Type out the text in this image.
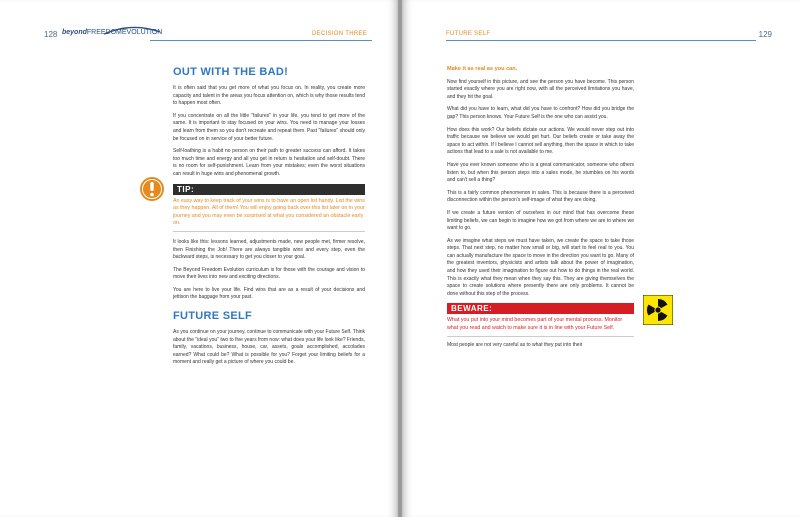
128 beyondFREEDOMEVOLUTION	DECISION THREE
OUT WITH THE BAD!

It is often said that you get more of what you focus on. In reality, you create more capacity and talent in the areas you focus attention on, which is why those results tend to happen most often.

If you concentrate on all the little "failures" in your life, you tend to get more of the same. It is important to stay focused on your wins. You need to manage your losses and learn from them so you don't recreate and repeat them. Past "failures" should only be focused on in service of your better future.

Self-loathing is a habit no person on their path to greater success can afford. It takes too much time and energy and all you get in return is hesitation and self-doubt. There is no room for self-punishment. Learn from your mistakes; even the worst situations can result in huge wins and phenomenal growth.

TIP:
An easy way to keep track of your wins is to have an open list handy. List the wins as they happen. All of them! You will enjoy going back over this list later on in your journey and you may even be surprised at what you considered an obstacle early on.

It looks like this: lessons learned, adjustments made, new people met, firmer resolve, then Finishing the Job! There are always tangible wins and every step, even the backward steps, is necessary to get you closer to your goal.

The Beyond Freedom Evolution curriculum is for those with the courage and vision to move their lives into new and exciting directions.

You are here to live your life. Find wins that are as a result of your decisions and jettison the baggage from your past.

FUTURE SELF

As you continue on your journey, continue to communicate with your Future Self. Think about the "ideal you" two to five years from now: what does your life look like? Friends, family, vacations, business, house, car, assets, goals accomplished, accolades earned? What could be? What is possible for you? Forget your limiting beliefs for a moment and really get a picture of where you could be.

FUTURE SELF	129

Make it as real as you can.

Now find yourself in this picture, and see the person you have become. This person started exactly where you are right now, with all the perceived limitations you have, and they hit the goal.

What did you have to learn, what did you have to confront? How did you bridge the gap? This person knows. Your Future Self is the one who can assist you.

How does this work? Our beliefs dictate our actions. We would never step out into traffic because we believe we would get hurt. Our beliefs create or take away the space to act within. If I believe I cannot sell anything, then the space in which to take actions that lead to a sale is not available to me.

Have you ever known someone who is a great communicator, someone who others listen to, but when this person steps into a sales mode, he stumbles on his words and can't sell a thing?

This is a fairly common phenomenon in sales. This is because there is a perceived disconnection within the person's self-image of what they are doing.

If we create a future version of ourselves in our mind that has overcome these limiting beliefs, we can begin to imagine how we got from where we are to where we want to go.

As we imagine what steps we must have taken, we create the space to take those steps. That next step, no matter how small or big, will start to feel real to you. You can actually manufacture the space to move in the direction you want to go. Many of the greatest inventors, physicists and artists talk about the power of imagination, and how they used their imagination to figure out how to do things in the real world. This is exactly what they mean when they say this. They are giving themselves the space to create solutions where presently there are only problems. It cannot be done without this step of the process.

BEWARE:
What you put into your mind becomes part of your mental process. Monitor what you read and watch to make sure it is in line with your Future Self.

Most people are not very careful as to what they put into their
